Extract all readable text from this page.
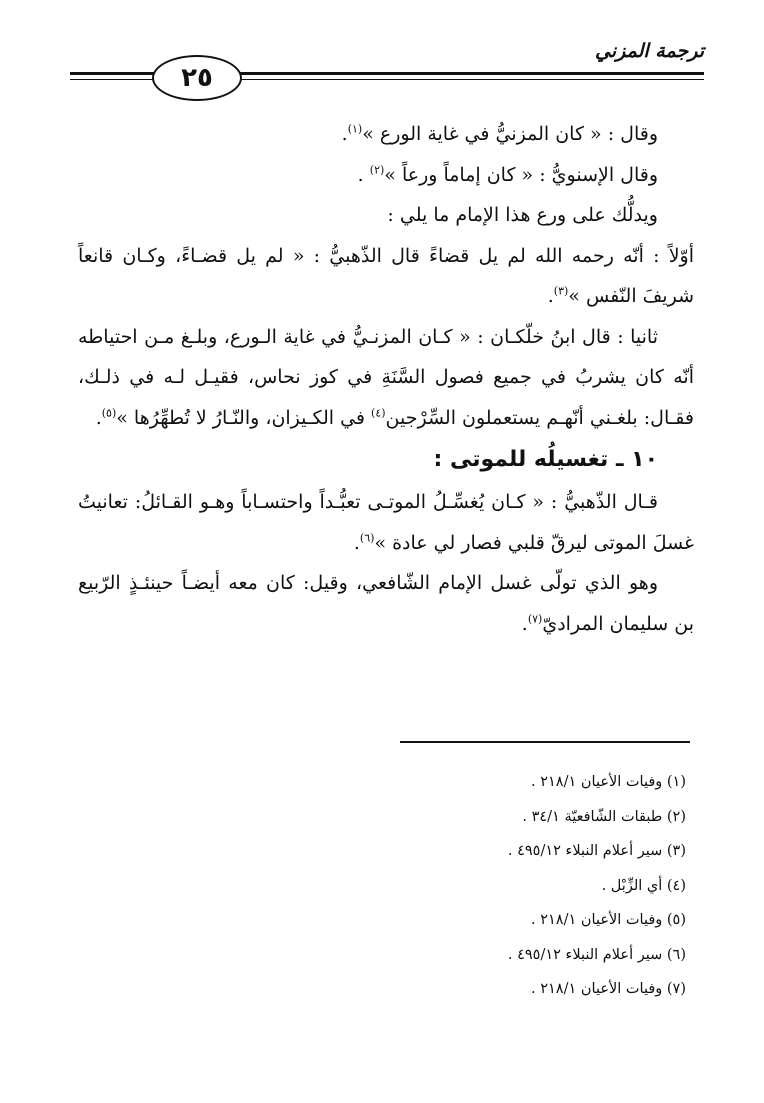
ترجمة المزني
٢٥

وقال : « كان المزنيُّ في غاية الورع »$^{(١)}$.

وقال الإسنويُّ : « كان إماماً ورعاً »$^{(٢)}$ .

ويدلُّك على ورع هذا الإمام ما يلي :

أوّلاً : أنّه رحمه الله لم يل قضاءً قال الذّهبيُّ : « لم يل قضـاءً، وكـان قانعاً شريفَ النّفس »$^{(٣)}$.

ثانيا : قال ابنُ خلّكـان : « كـان المزنـيُّ في غاية الـورع، وبلـغ مـن احتياطه أنّه كان يشربُ في جميع فصول السَّنَةِ في كوز نحاس، فقيـل لـه في ذلـك، فقـال: بلغـني أنّهـم يستعملون السِّرْجين$^{(٤)}$ في الكـيزان، والنّـارُ لا تُطهِّرُها »$^{(٥)}$.

١٠ ـ تغسيلُه للموتى :

قـال الذّهبيُّ : « كـان يُغسِّـلُ الموتـى تعبُّـداً واحتسـاباً وهـو القـائلُ: تعانيتُ غسلَ الموتى ليرقّ قلبي فصار لي عادة »$^{(٦)}$.

وهو الذي تولّى غسل الإمام الشّافعي، وقيل: كان معه أيضـاً حينئـذٍ الرّبيع بن سليمان المراديّ$^{(٧)}$.

(١) وفيات الأعيان ٢١٨/١ .
(٢) طبقات الشّافعيّة ٣٤/١ .
(٣) سير أعلام النبلاء ٤٩٥/١٢ .
(٤) أي الزِّبْل .
(٥) وفيات الأعيان ٢١٨/١ .
(٦) سير أعلام النبلاء ٤٩٥/١٢ .
(٧) وفيات الأعيان ٢١٨/١ .
